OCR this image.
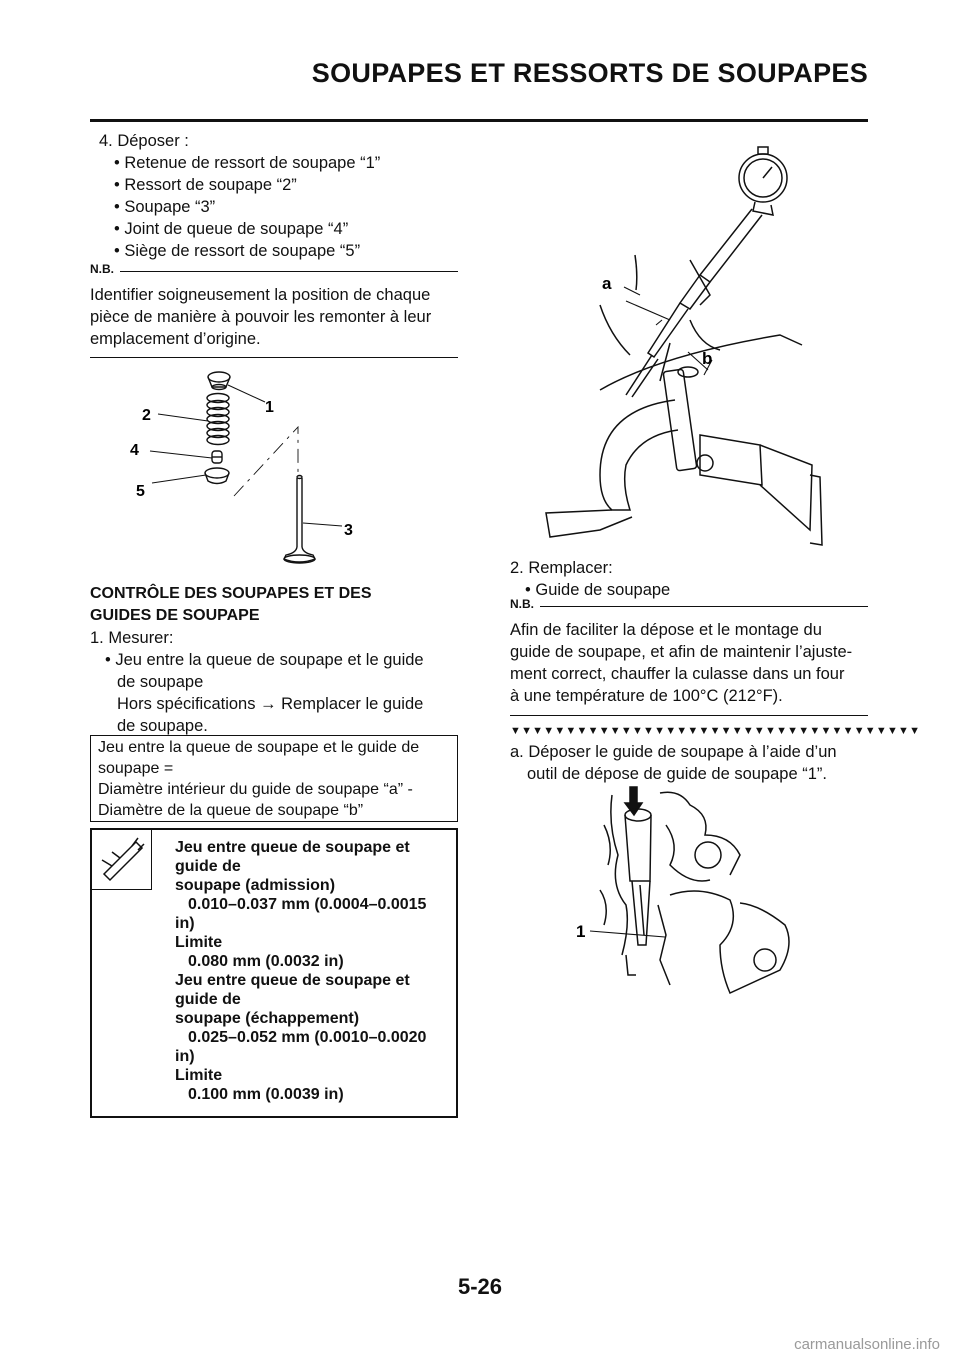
SOUPAPES ET RESSORTS DE SOUPAPES
4. Déposer :
• Retenue de ressort de soupape “1”
• Ressort de soupape “2”
• Soupape “3”
• Joint de queue de soupape “4”
• Siège de ressort de soupape “5”
N.B.
Identifier soigneusement la position de chaque
pièce de manière à pouvoir les remonter à leur
emplacement d’origine.
1
2
3
4
5
CONTRÔLE DES SOUPAPES ET DES
GUIDES DE SOUPAPE
1. Mesurer:
• Jeu entre la queue de soupape et le guide
de soupape
Hors spécifications → Remplacer le guide
de soupape.
Jeu entre la queue de soupape et le guide de
soupape =
Diamètre intérieur du guide de soupape “a” -
Diamètre de la queue de soupape “b”
Jeu entre queue de soupape et
guide de
soupape (admission)
0.010–0.037 mm (0.0004–0.0015
in)
Limite
0.080 mm (0.0032 in)
Jeu entre queue de soupape et
guide de
soupape (échappement)
0.025–0.052 mm (0.0010–0.0020
in)
Limite
0.100 mm (0.0039 in)
a
b
2. Remplacer:
• Guide de soupape
N.B.
Afin de faciliter la dépose et le montage du
guide de soupape, et afin de maintenir l’ajuste-
ment correct, chauffer la culasse dans un four
à une température de 100°C (212°F).
▼▼▼▼▼▼▼▼▼▼▼▼▼▼▼▼▼▼▼▼▼▼▼▼▼▼▼▼▼▼▼▼▼▼▼▼▼
a. Déposer le guide de soupape à l’aide d’un
outil de dépose de guide de soupape “1”.
1
5-26
carmanualsonline.info
